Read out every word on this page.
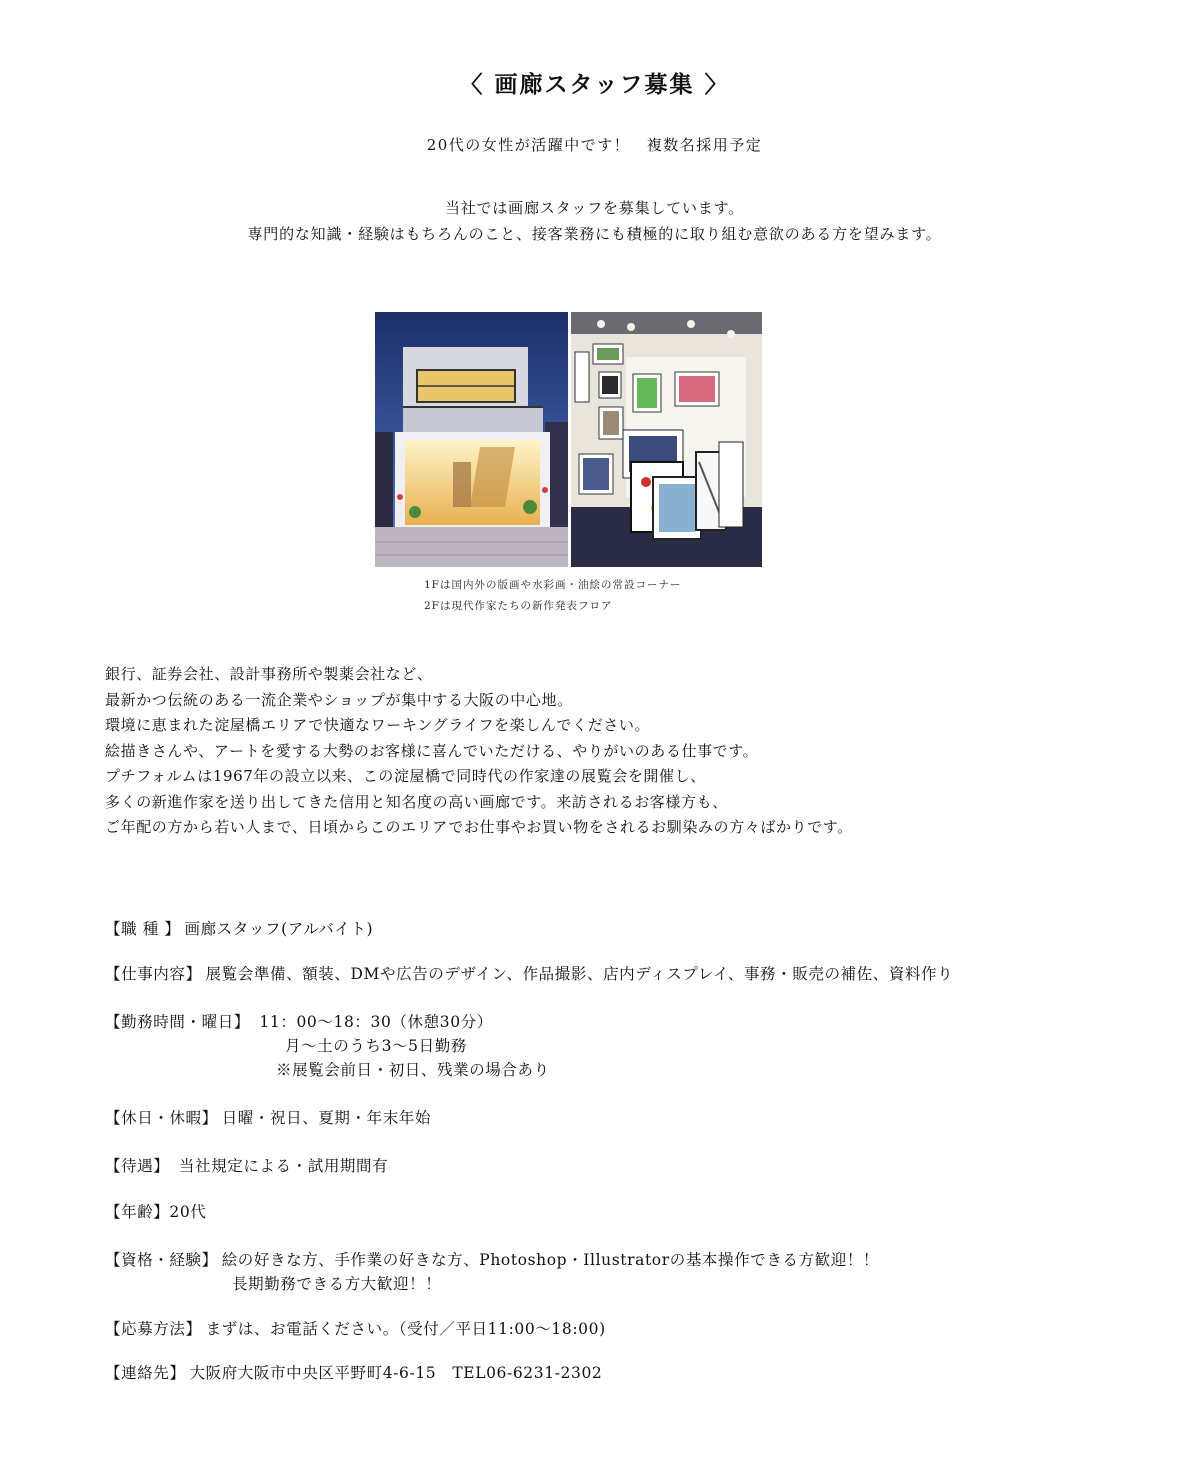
〈 画廊スタッフ募集 〉
20代の女性が活躍中です！　複数名採用予定
当社では画廊スタッフを募集しています。
専門的な知識・経験はもちろんのこと、接客業務にも積極的に取り組む意欲のある方を望みます。
1Fは国内外の版画や水彩画・油絵の常設コーナー
2Fは現代作家たちの新作発表フロア
銀行、証券会社、設計事務所や製薬会社など、
最新かつ伝統のある一流企業やショップが集中する大阪の中心地。
環境に恵まれた淀屋橋エリアで快適なワーキングライフを楽しんでください。
絵描きさんや、アートを愛する大勢のお客様に喜んでいただける、やりがいのある仕事です。
プチフォルムは1967年の設立以来、この淀屋橋で同時代の作家達の展覧会を開催し、
多くの新進作家を送り出してきた信用と知名度の高い画廊です。来訪されるお客様方も、
ご年配の方から若い人まで、日頃からこのエリアでお仕事やお買い物をされるお馴染みの方々ばかりです。
【職 種 】 画廊スタッフ(アルバイト)
【仕事内容】 展覧会準備、額装、DMや広告のデザイン、作品撮影、店内ディスプレイ、事務・販売の補佐、資料作り
【勤務時間・曜日】 11：00～18：30（休憩30分）
月～土のうち3～5日勤務
※展覧会前日・初日、残業の場合あり
【休日・休暇】 日曜・祝日、夏期・年末年始
【待遇】 当社規定による・試用期間有
【年齢】20代
【資格・経験】 絵の好きな方、手作業の好きな方、Photoshop・Illustratorの基本操作できる方歓迎！！
長期勤務できる方大歓迎！！
【応募方法】 まずは、お電話ください。（受付／平日11:00～18:00)
【連絡先】 大阪府大阪市中央区平野町4-6-15　TEL06-6231-2302
